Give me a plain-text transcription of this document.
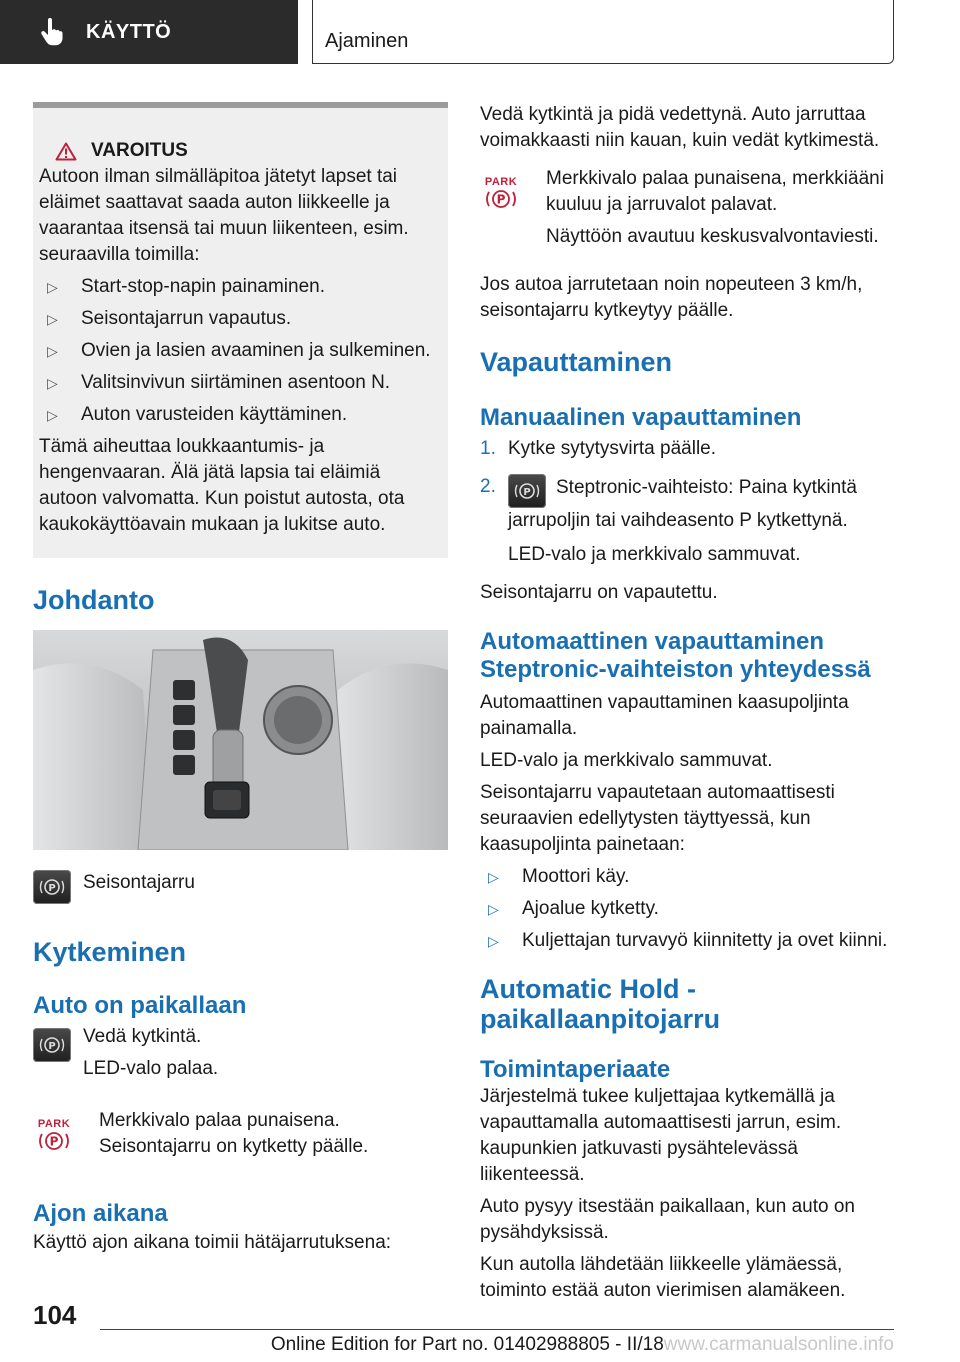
KÄYTTÖ	Ajaminen
VAROITUS

Autoon ilman silmälläpitoa jätetyt lapset tai eläimet saattavat saada auton liikkeelle ja vaarantaa itsensä tai muun liikenteen, esim. seuraavilla toimilla:

▷	Start-stop-napin painaminen.
▷	Seisontajarrun vapautus.
▷	Ovien ja lasien avaaminen ja sulkeminen.
▷	Valitsinvivun siirtäminen asentoon N.
▷	Auton varusteiden käyttäminen.

Tämä aiheuttaa loukkaantumis- ja hengenvaaran. Älä jätä lapsia tai eläimiä autoon valvomatta. Kun poistut autosta, ota kaukokäyttöavain mukaan ja lukitse auto.

Johdanto
P Seisontajarru
Kytkeminen
Auto on paikallaan
P Vedä kytkintä.

LED-valo palaa.

PARK
P

Merkkivalo palaa punaisena. Seisontajarru on kytketty päälle.

Ajon aikana

Käyttö ajon aikana toimii hätäjarrutuksena:

Vedä kytkintä ja pidä vedettynä. Auto jarruttaa voimakkaasti niin kauan, kuin vedät kytkimestä.

PARK
P

Merkkivalo palaa punaisena, merkkiääni kuuluu ja jarruvalot palavat.

Näyttöön avautuu keskusvalvontaviesti.

Jos autoa jarrutetaan noin nopeuteen 3 km/h, seisontajarru kytkeytyy päälle.

Vapauttaminen
Manuaalinen vapauttaminen
1. Kytke sytytysvirta päälle.
2.	P Steptronic-vaihteisto: Paina kytkintä jarrupoljin tai vaihdeasento P kytkettynä.

LED-valo ja merkkivalo sammuvat.

Seisontajarru on vapautettu.

Automaattinen vapauttaminen Steptronic-vaihteiston yhteydessä

Automaattinen vapauttaminen kaasupoljinta painamalla.

LED-valo ja merkkivalo sammuvat.

Seisontajarru vapautetaan automaattisesti seuraavien edellytysten täyttyessä, kun kaasupoljinta painetaan:

▷	Moottori käy.
▷	Ajoalue kytketty.
▷	Kuljettajan turvavyö kiinnitetty ja ovet kiinni.
Automatic Hold - paikallaanpitojarru
Toimintaperiaate

Järjestelmä tukee kuljettajaa kytkemällä ja vapauttamalla automaattisesti jarrun, esim. kaupunkien jatkuvasti pysähtelevässä liikenteessä.

Auto pysyy itsestään paikallaan, kun auto on pysähdyksissä.

Kun autolla lähdetään liikkeelle ylämäessä, toiminto estää auton vierimisen alamäkeen.

104
Online Edition for Part no. 01402988805 - II/18www.carmanualsonline.info
